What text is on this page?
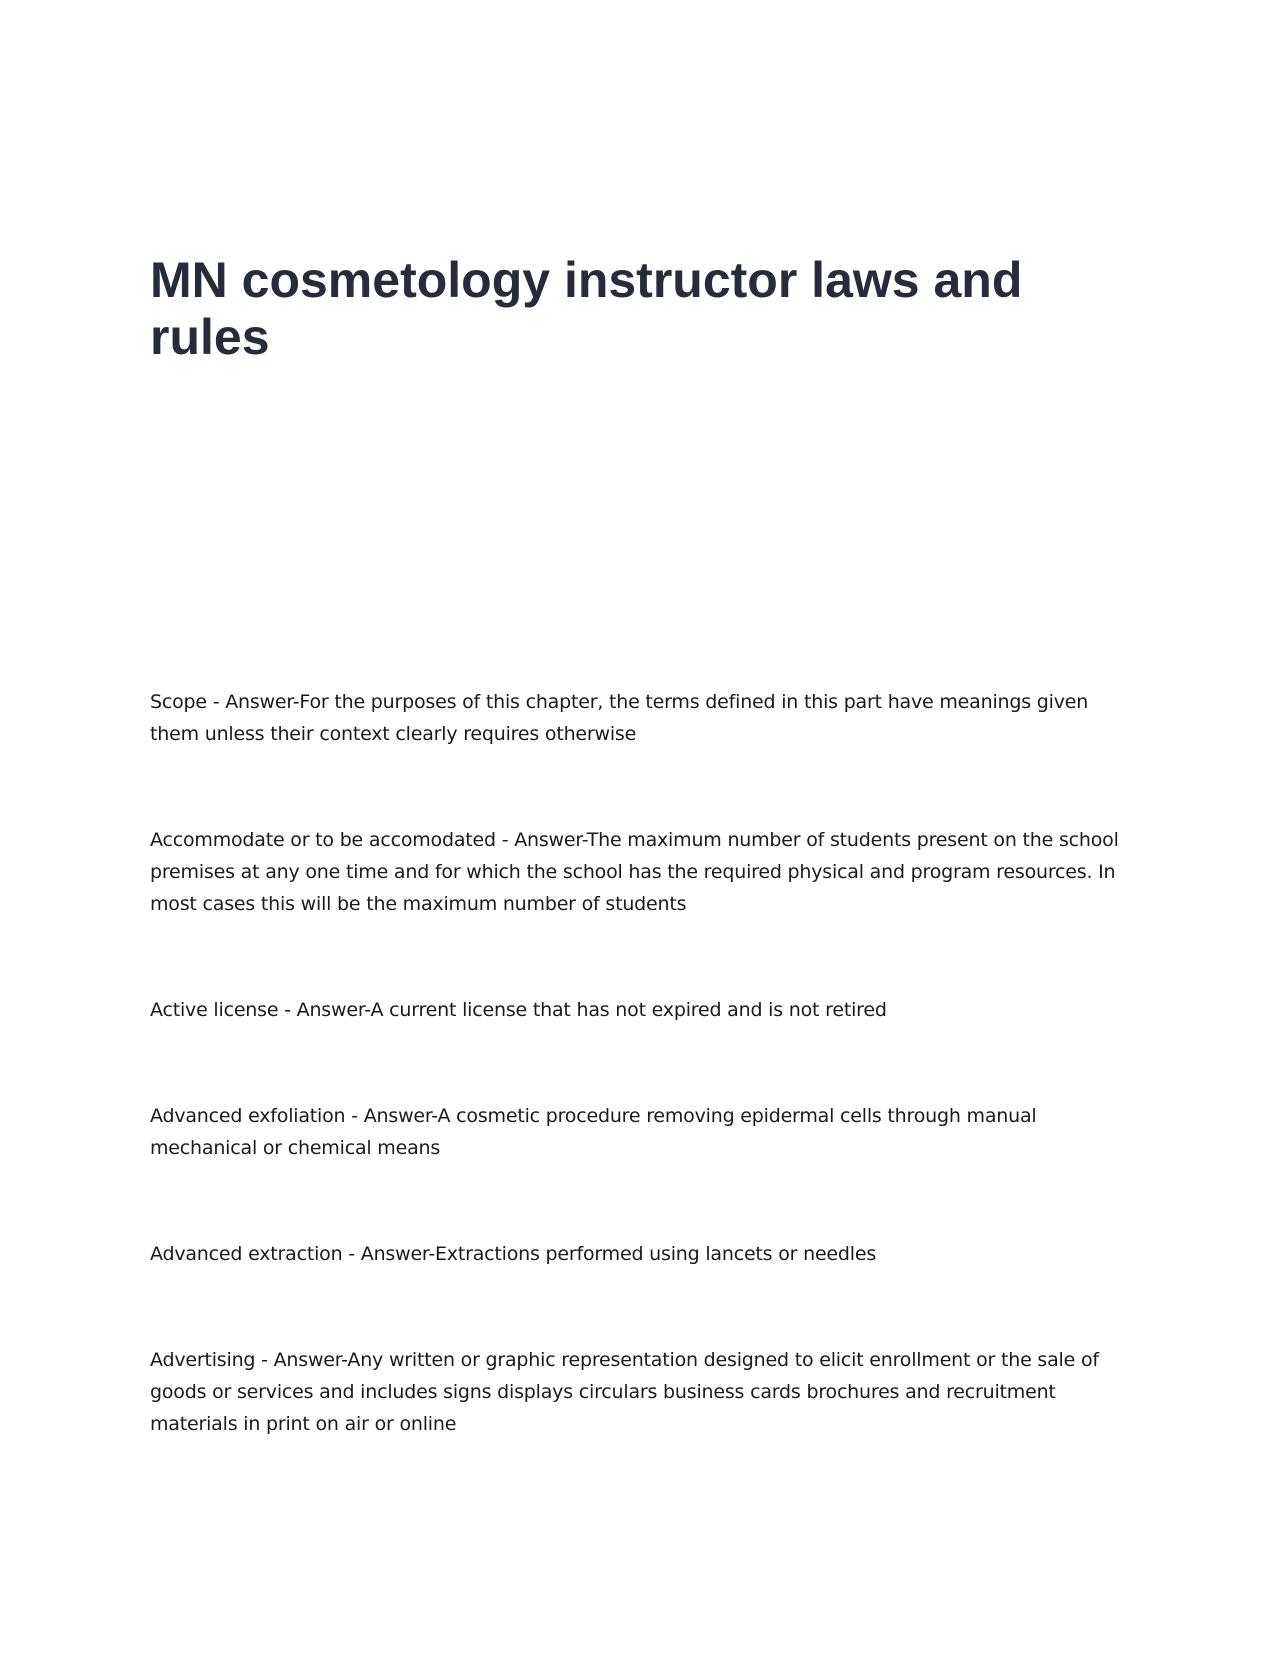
MN cosmetology instructor laws and rules

Scope - Answer-For the purposes of this chapter, the terms defined in this part have meanings given them unless their context clearly requires otherwise

Accommodate or to be accomodated - Answer-The maximum number of students present on the school premises at any one time and for which the school has the required physical and program resources. In most cases this will be the maximum number of students

Active license - Answer-A current license that has not expired and is not retired

Advanced exfoliation - Answer-A cosmetic procedure removing epidermal cells through manual mechanical or chemical means

Advanced extraction - Answer-Extractions performed using lancets or needles

Advertising - Answer-Any written or graphic representation designed to elicit enrollment or the sale of goods or services and includes signs displays circulars business cards brochures and recruitment materials in print on air or online
